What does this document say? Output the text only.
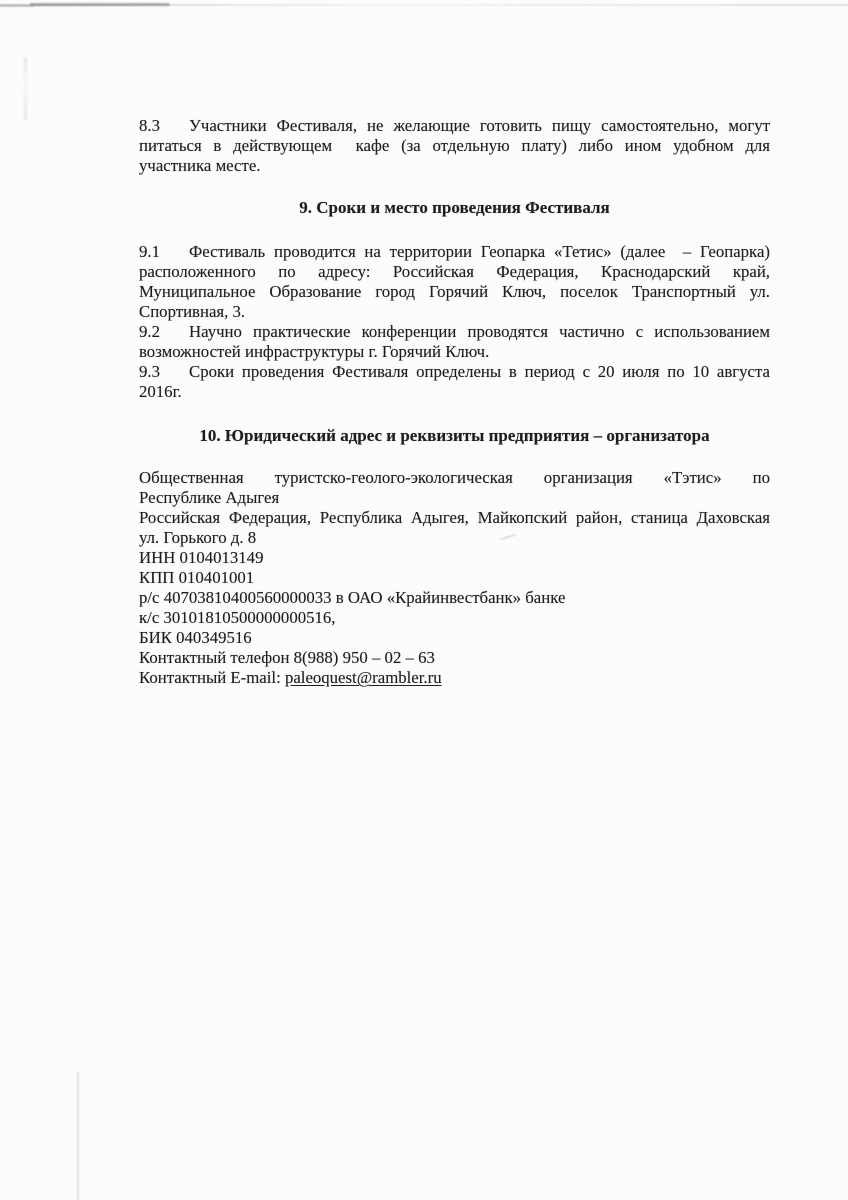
8.3 Участники Фестиваля, не желающие готовить пищу самостоятельно, могут
питаться в действующем  кафе (за отдельную плату) либо ином удобном для
участника месте.
9. Сроки и место проведения Фестиваля
9.1 Фестиваль проводится на территории Геопарка «Тетис» (далее  – Геопарка)
расположенного по адресу: Российская Федерация, Краснодарский край,
Муниципальное Образование город Горячий Ключ, поселок Транспортный ул.
Спортивная, 3.
9.2 Научно практические конференции проводятся частично с использованием
возможностей инфраструктуры г. Горячий Ключ.
9.3 Сроки проведения Фестиваля определены в период с 20 июля по 10 августа
2016г.
10. Юридический адрес и реквизиты предприятия – организатора
Общественная туристско-геолого-экологическая организация «Тэтис» по
Республике Адыгея
Российская Федерация, Республика Адыгея, Майкопский район, станица Даховская
ул. Горького д. 8
ИНН 0104013149
КПП 010401001
р/с 40703810400560000033 в ОАО «Крайинвестбанк» банке
к/с 30101810500000000516,
БИК 040349516
Контактный телефон 8(988) 950 – 02 – 63
Контактный E-mail: paleoquest@rambler.ru
